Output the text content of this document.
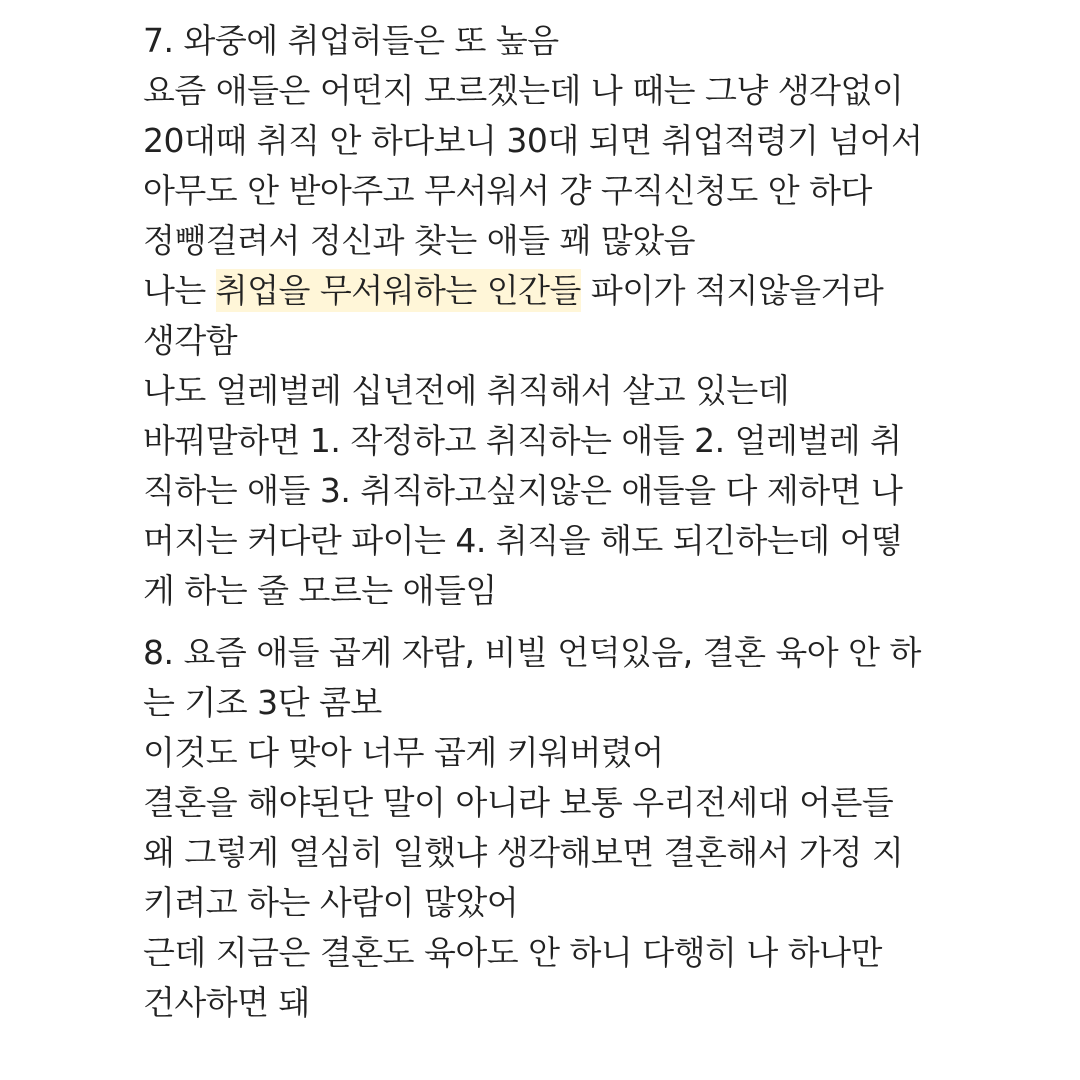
7. 와중에 취업허들은 또 높음
요즘 애들은 어떤지 모르겠는데 나 때는 그냥 생각없이
20대때 취직 안 하다보니 30대 되면 취업적령기 넘어서
아무도 안 받아주고 무서워서 걍 구직신청도 안 하다
정뺑걸려서 정신과 찾는 애들 꽤 많았음
나는 취업을 무서워하는 인간들 파이가 적지않을거라
생각함
나도 얼레벌레 십년전에 취직해서 살고 있는데
바꿔말하면 1. 작정하고 취직하는 애들 2. 얼레벌레 취
직하는 애들 3. 취직하고싶지않은 애들을 다 제하면 나
머지는 커다란 파이는 4. 취직을 해도 되긴하는데 어떻
게 하는 줄 모르는 애들임
8. 요즘 애들 곱게 자람, 비빌 언덕있음, 결혼 육아 안 하
는 기조 3단 콤보
이것도 다 맞아 너무 곱게 키워버렸어
결혼을 해야된단 말이 아니라 보통 우리전세대 어른들
왜 그렇게 열심히 일했냐 생각해보면 결혼해서 가정 지
키려고 하는 사람이 많았어
근데 지금은 결혼도 육아도 안 하니 다행히 나 하나만
건사하면 돼
